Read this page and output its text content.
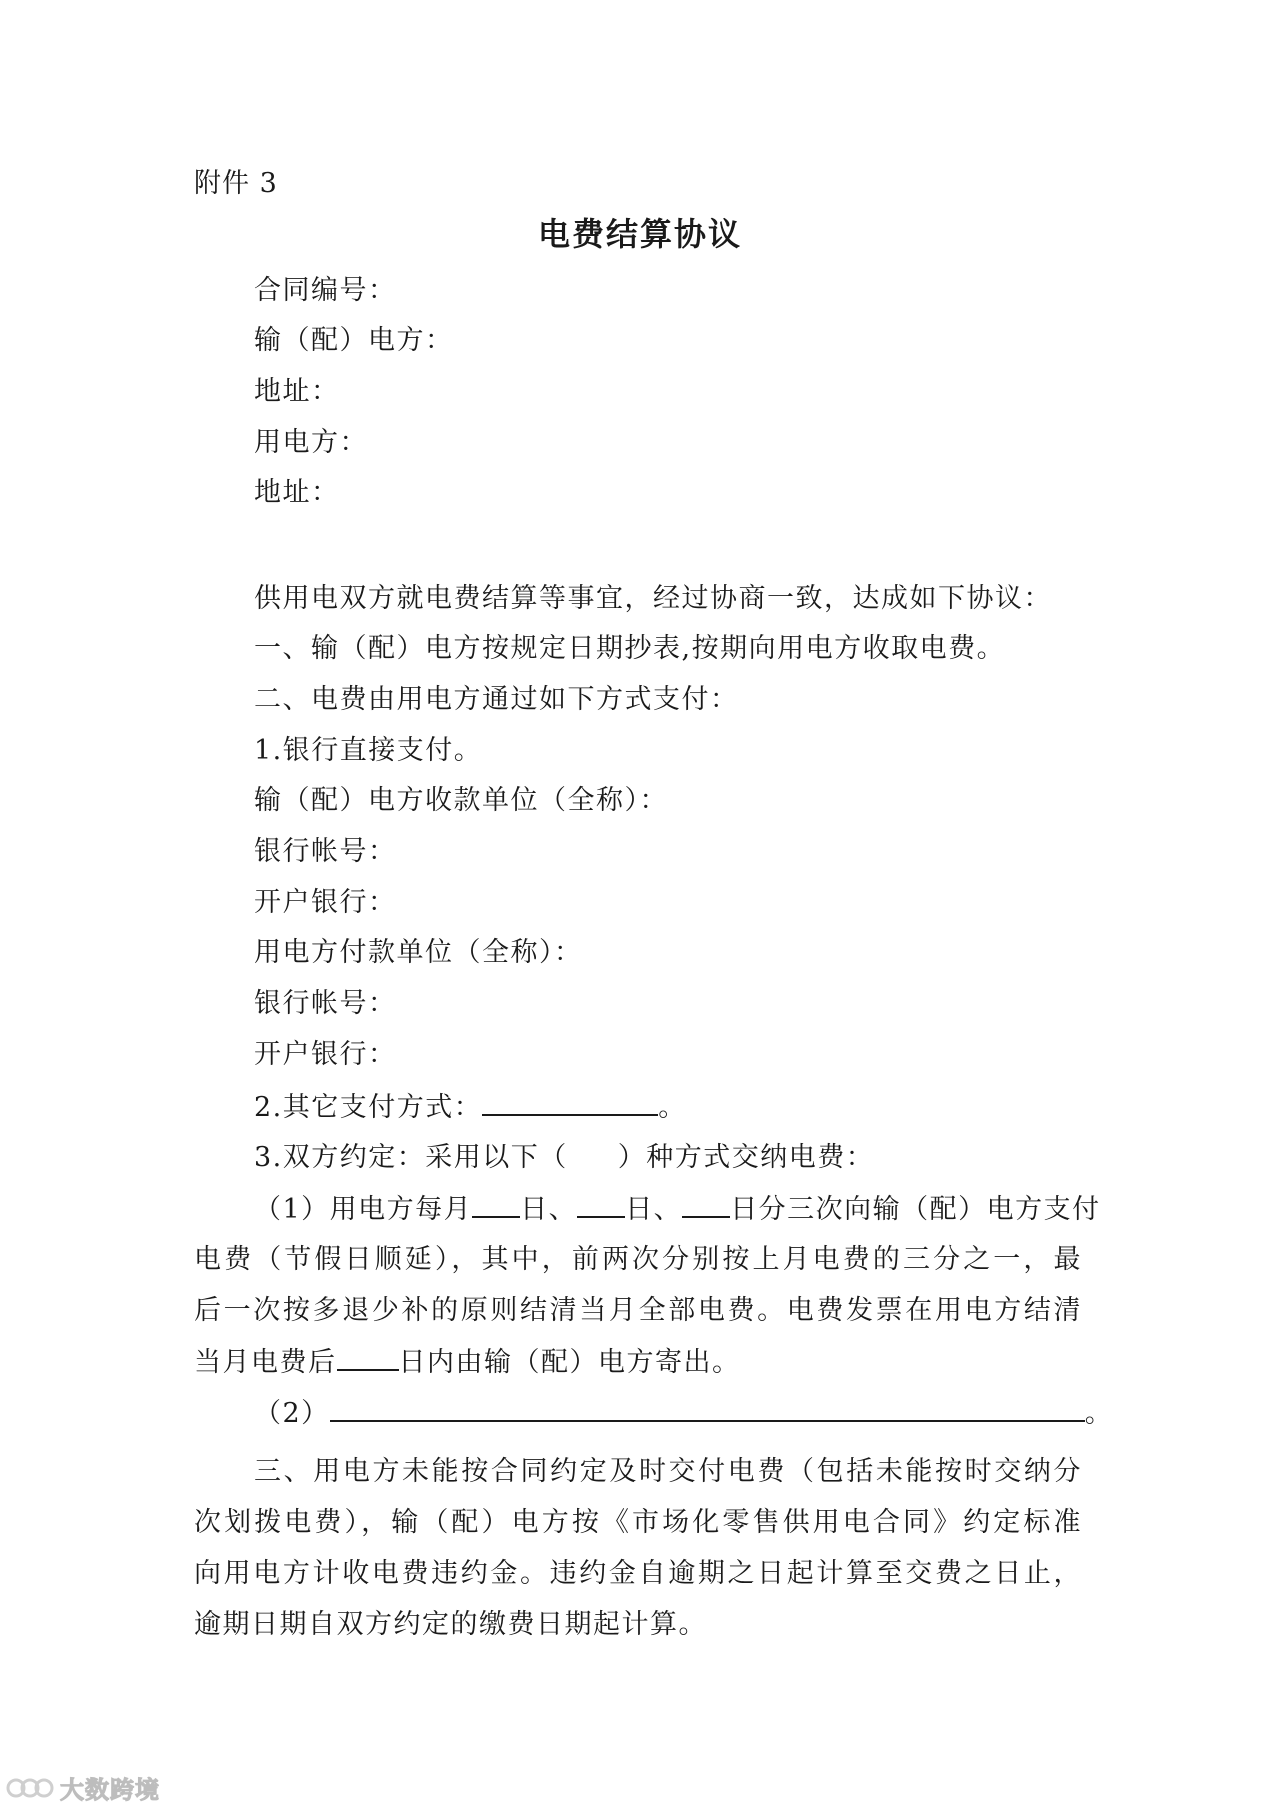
附件 3
电费结算协议
合同编号：
输（配）电方：
地址：
用电方：
地址：
供用电双方就电费结算等事宜，经过协商一致，达成如下协议：
一、输（配）电方按规定日期抄表,按期向用电方收取电费。
二、电费由用电方通过如下方式支付：
1.银行直接支付。
输（配）电方收款单位（全称）：
银行帐号：
开户银行：
用电方付款单位（全称）：
银行帐号：
开户银行：
2.其它支付方式：	。
3.双方约定：采用以下（ ）种方式交纳电费：
（1）用电方每月 日、 日、 日分三次向输（配）电方支付
电费（节假日顺延），其中，前两次分别按上月电费的三分之一，最
后一次按多退少补的原则结清当月全部电费。电费发票在用电方结清
当月电费后 日内由输（配）电方寄出。
（2）	。
三、用电方未能按合同约定及时交付电费（包括未能按时交纳分
次划拨电费），输（配）电方按《市场化零售供用电合同》约定标准
向用电方计收电费违约金。违约金自逾期之日起计算至交费之日止，
逾期日期自双方约定的缴费日期起计算。
大数跨境
